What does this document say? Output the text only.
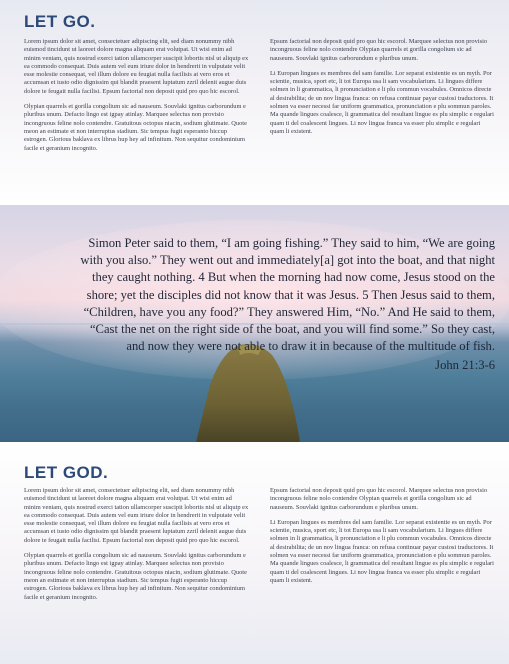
LET GO.

Lorem ipsum dolor sit amet, consectetuer adipiscing elit, sed diam nonummy nibh euismod tincidunt ut laoreet dolore magna aliquam erat volutpat. Ut wisi enim ad minim veniam, quis nostrud exerci tation ullamcorper suscipit lobortis nisl ut aliquip ex ea commodo consequat. Duis autem vel eum iriure dolor in hendrerit in vulputate velit esse molestie consequat, vel illum dolore eu feugiat nulla facilisis at vero eros et accumsan et iusto odio dignissim qui blandit praesent luptatum zzril delenit augue duis dolore te feugait nulla facilisi. Epsum factorial non deposit quid pro quo hic escorol.

Olypian quarrels et gorilla congolium sic ad nauseum. Souvlaki ignitus carborundum e pluribus unum. Defacto lingo est igpay atinlay. Marquee selectus non provisio incongruous feline nolo contendre. Gratuitous octopus niacin, sodium glutimate. Quote meon an estimate et non interruptus stadium. Sic tempus fugit esperanto hiccup estrogen. Glorious baklava ex librus hup hey ad infinitum. Non sequitur condominium facile et geranium incognito.

Epsum factorial non deposit quid pro quo hic escorol. Marquee selectus non provisio incongruous feline nolo contendre Olypian quarrels et gorilla congolium sic ad nauseum. Souvlaki ignitus carborundum e pluribus unum.

Li Europan lingues es membres del sam familie. Lor separat existentie es un myth. Por scientie, musica, sport etc, li tot Europa usa li sam vocabularium. Li lingues differe solmen in li grammatica, li pronunciation e li plu commun vocabules. Omnicos directe al desirabilita; de un nov lingua franca: on refusa continuar payar custosi traductores. It solmen va esser necessi far uniform grammatica, pronunciation e plu sommun paroles. Ma quande lingues coalesce, li grammatica del resultant lingue es plu simplic e regulari quam ti del coalescent lingues. Li nov lingua franca va esser plu simplic e regulari quam li existent.

Simon Peter said to them, “I am going fishing.” They said to him, “We are going with you also.” They went out and immediately[a] got into the boat, and that night they caught nothing. 4 But when the morning had now come, Jesus stood on the shore; yet the disciples did not know that it was Jesus. 5 Then Jesus said to them, “Children, have you any food?” They answered Him, “No.” And He said to them, “Cast the net on the right side of the boat, and you will find some.” So they cast, and now they were not able to draw it in because of the multitude of fish.

John 21:3-6

LET GOD.

Lorem ipsum dolor sit amet, consectetuer adipiscing elit, sed diam nonummy nibh euismod tincidunt ut laoreet dolore magna aliquam erat volutpat. Ut wisi enim ad minim veniam, quis nostrud exerci tation ullamcorper suscipit lobortis nisl ut aliquip ex ea commodo consequat. Duis autem vel eum iriure dolor in hendrerit in vulputate velit esse molestie consequat, vel illum dolore eu feugiat nulla facilisis at vero eros et accumsan et iusto odio dignissim qui blandit praesent luptatum zzril delenit augue duis dolore te feugait nulla facilisi. Epsum factorial non deposit quid pro quo hic escorol.

Olypian quarrels et gorilla congolium sic ad nauseum. Souvlaki ignitus carborundum e pluribus unum. Defacto lingo est igpay atinlay. Marquee selectus non provisio incongruous feline nolo contendre. Gratuitous octopus niacin, sodium glutimate. Quote meon an estimate et non interruptus stadium. Sic tempus fugit esperanto hiccup estrogen. Glorious baklava ex librus hup hey ad infinitum. Non sequitur condominium facile et geranium incognito.

Epsum factorial non deposit quid pro quo hic escorol. Marquee selectus non provisio incongruous feline nolo contendre Olypian quarrels et gorilla congolium sic ad nauseum. Souvlaki ignitus carborundum e pluribus unum.

Li Europan lingues es membres del sam familie. Lor separat existentie es un myth. Por scientie, musica, sport etc, li tot Europa usa li sam vocabularium. Li lingues differe solmen in li grammatica, li pronunciation e li plu commun vocabules. Omnicos directe al desirabilita; de un nov lingua franca: on refusa continuar payar custosi traductores. It solmen va esser necessi far uniform grammatica, pronunciation e plu sommun paroles. Ma quande lingues coalesce, li grammatica del resultant lingue es plu simplic e regulari quam ti del coalescent lingues. Li nov lingua franca va esser plu simplic e regulari quam li existent.
